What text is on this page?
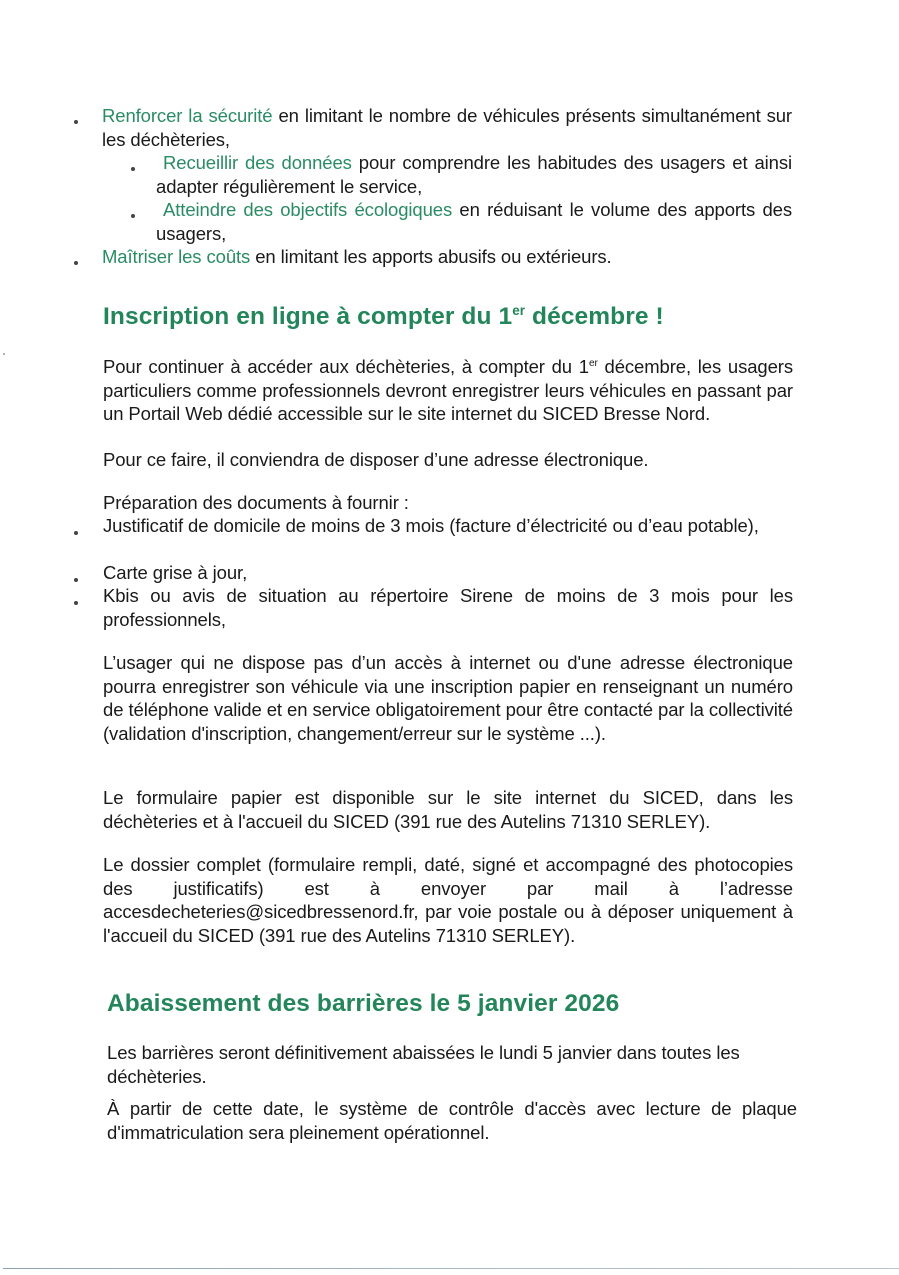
Renforcer la sécurité en limitant le nombre de véhicules présents simultanément sur les déchèteries,
Recueillir des données pour comprendre les habitudes des usagers et ainsi adapter régulièrement le service,
Atteindre des objectifs écologiques en réduisant le volume des apports des usagers,
Maîtriser les coûts en limitant les apports abusifs ou extérieurs.
Inscription en ligne à compter du 1er décembre !
Pour continuer à accéder aux déchèteries, à compter du 1er décembre, les usagers particuliers comme professionnels devront enregistrer leurs véhicules en passant par un Portail Web dédié accessible sur le site internet du SICED Bresse Nord.
Pour ce faire, il conviendra de disposer d’une adresse électronique.
Préparation des documents à fournir :
Justificatif de domicile de moins de 3 mois (facture d’électricité ou d’eau potable),
Carte grise à jour,
Kbis ou avis de situation au répertoire Sirene de moins de 3 mois pour les professionnels,
L’usager qui ne dispose pas d’un accès à internet ou d'une adresse électronique pourra enregistrer son véhicule via une inscription papier en renseignant un numéro de téléphone valide et en service obligatoirement pour être contacté par la collectivité (validation d'inscription, changement/erreur sur le système ...).
Le formulaire papier est disponible sur le site internet du SICED, dans les déchèteries et à l'accueil du SICED (391 rue des Autelins 71310 SERLEY).
Le dossier complet (formulaire rempli, daté, signé et accompagné des photocopies des justificatifs) est à envoyer par mail à l’adresse accesdecheteries@sicedbressenord.fr, par voie postale ou à déposer uniquement à l'accueil du SICED (391 rue des Autelins 71310 SERLEY).
Abaissement des barrières le 5 janvier 2026
Les barrières seront définitivement abaissées le lundi 5 janvier dans toutes les déchèteries.
À partir de cette date, le système de contrôle d'accès avec lecture de plaque d'immatriculation sera pleinement opérationnel.
